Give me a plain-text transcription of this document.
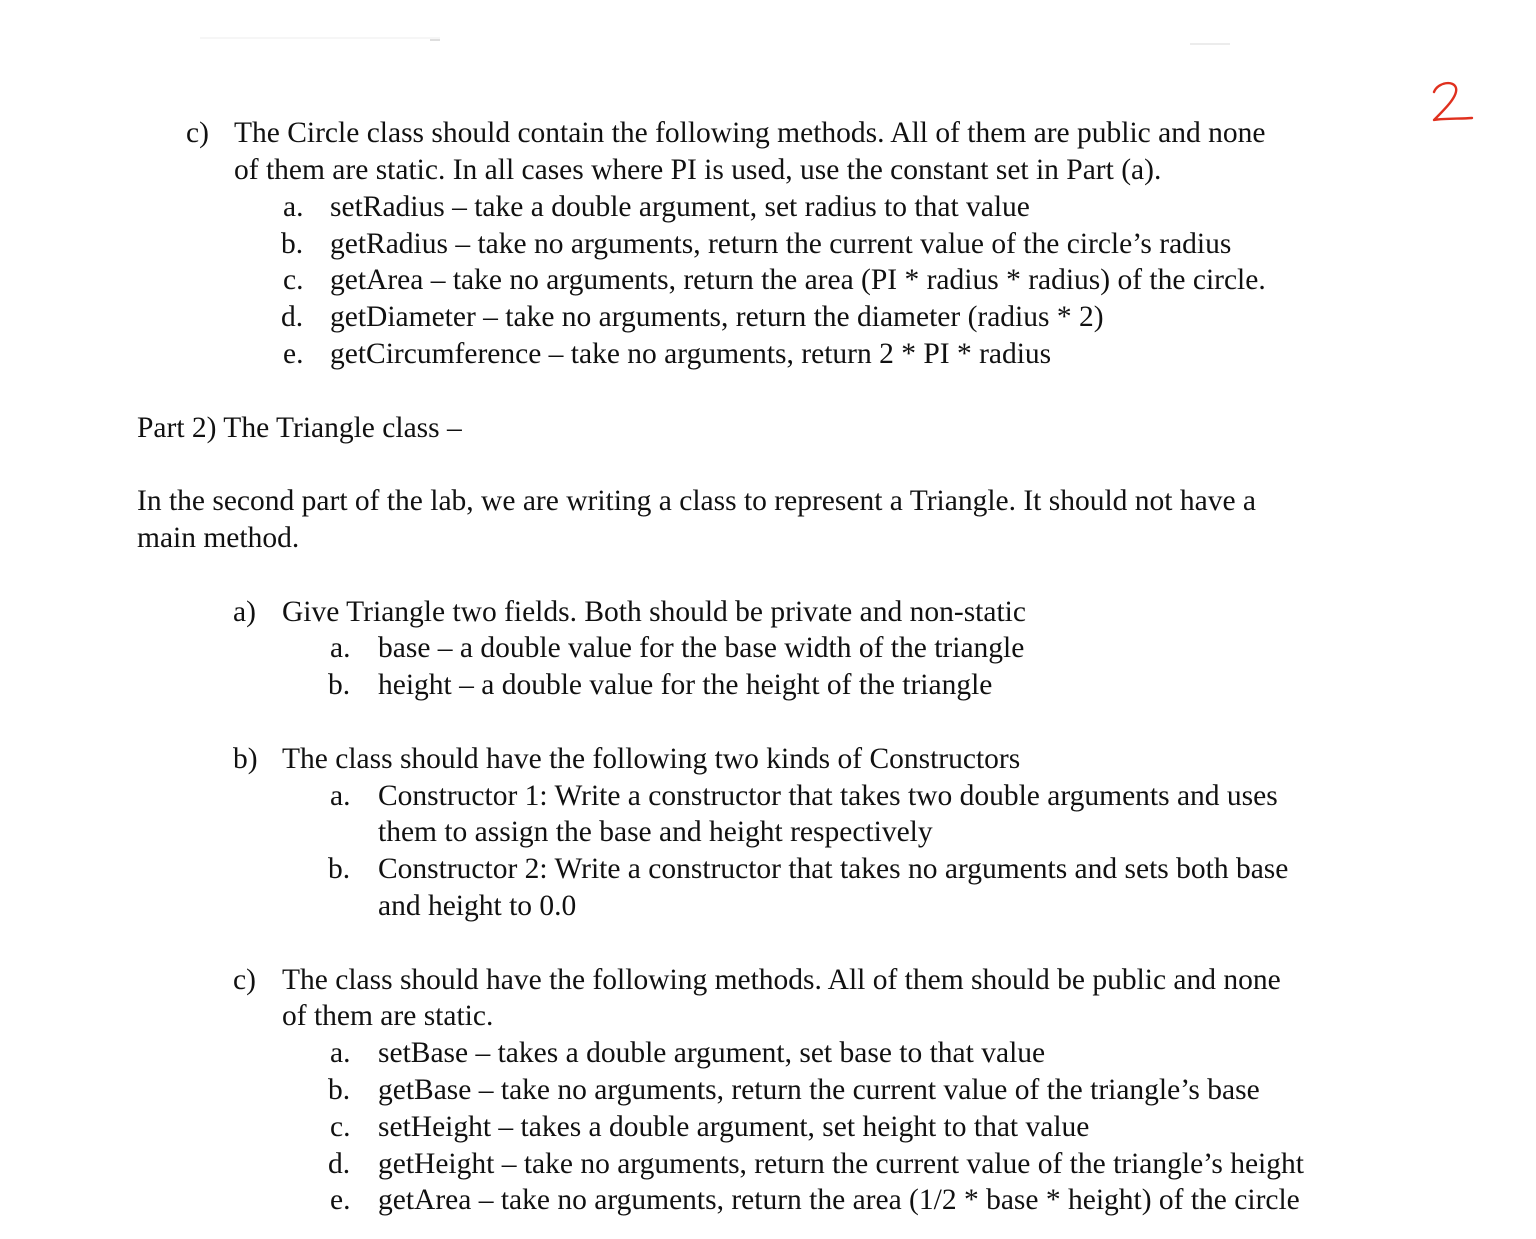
c) The Circle class should contain the following methods. All of them are public and none
of them are static. In all cases where PI is used, use the constant set in Part (a).
a. setRadius – take a double argument, set radius to that value
b. getRadius – take no arguments, return the current value of the circle’s radius
c. getArea – take no arguments, return the area (PI * radius * radius) of the circle.
d. getDiameter – take no arguments, return the diameter (radius * 2)
e. getCircumference – take no arguments, return 2 * PI * radius
Part 2) The Triangle class –
In the second part of the lab, we are writing a class to represent a Triangle. It should not have a
main method.
a) Give Triangle two fields. Both should be private and non-static
a. base – a double value for the base width of the triangle
b. height – a double value for the height of the triangle
b) The class should have the following two kinds of Constructors
a. Constructor 1: Write a constructor that takes two double arguments and uses
them to assign the base and height respectively
b. Constructor 2: Write a constructor that takes no arguments and sets both base
and height to 0.0
c) The class should have the following methods. All of them should be public and none
of them are static.
a. setBase – takes a double argument, set base to that value
b. getBase – take no arguments, return the current value of the triangle’s base
c. setHeight – takes a double argument, set height to that value
d. getHeight – take no arguments, return the current value of the triangle’s height
e. getArea – take no arguments, return the area (1/2 * base * height) of the circle
